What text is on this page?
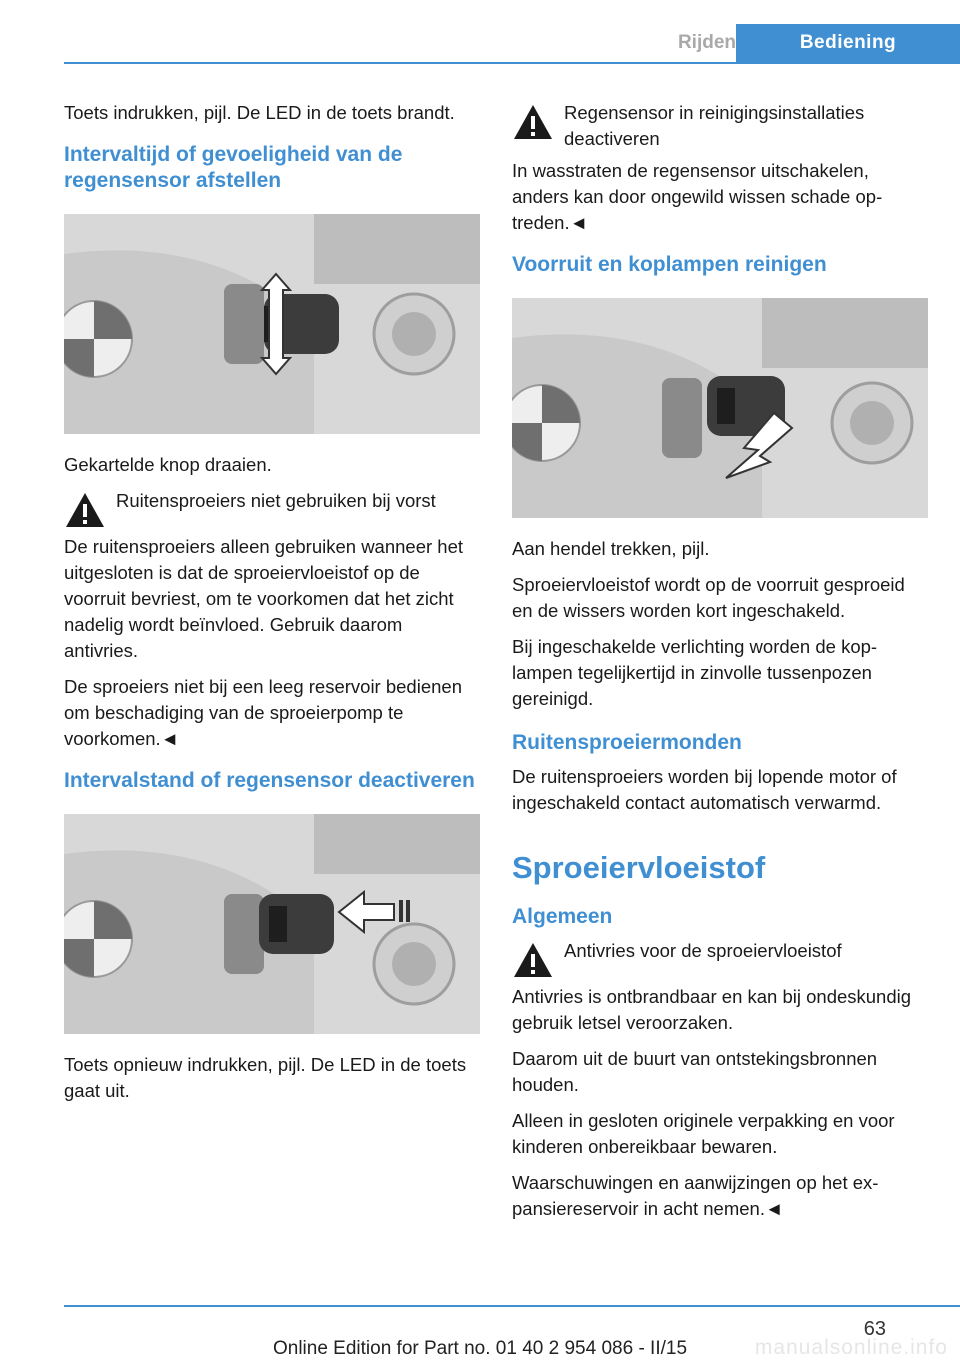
Rijden	Bediening

Toets indrukken, pijl. De LED in de toets brandt.

Intervaltijd of gevoeligheid van de regensensor afstellen

Gekartelde knop draaien.

Ruitensproeiers niet gebruiken bij vorst

De ruitensproeiers alleen gebruiken wanneer het uitgesloten is dat de sproeiervloeistof op de voorruit bevriest, om te voorkomen dat het zicht nadelig wordt beïnvloed. Gebruik daarom antivries.

De sproeiers niet bij een leeg reservoir bedienen om beschadiging van de sproeierpomp te voorkomen.◄

Intervalstand of regensensor deactiveren

Toets opnieuw indrukken, pijl. De LED in de toets gaat uit.

Regensensor in reinigingsinstallaties deactiveren

In wasstraten de regensensor uitschakelen, anders kan door ongewild wissen schade optreden.◄

Voorruit en koplampen reinigen

Aan hendel trekken, pijl.

Sproeiervloeistof wordt op de voorruit gesproeid en de wissers worden kort ingeschakeld.

Bij ingeschakelde verlichting worden de koplampen tegelijkertijd in zinvolle tussenpozen gereinigd.

Ruitensproeiermonden

De ruitensproeiers worden bij lopende motor of ingeschakeld contact automatisch verwarmd.

Sproeiervloeistof
Algemeen

Antivries voor de sproeiervloeistof

Antivries is ontbrandbaar en kan bij ondeskundig gebruik letsel veroorzaken.

Daarom uit de buurt van ontstekingsbronnen houden.

Alleen in gesloten originele verpakking en voor kinderen onbereikbaar bewaren.

Waarschuwingen en aanwijzingen op het expansiereservoir in acht nemen.◄

63
Online Edition for Part no. 01 40 2 954 086 - II/15	manualsonline.info
